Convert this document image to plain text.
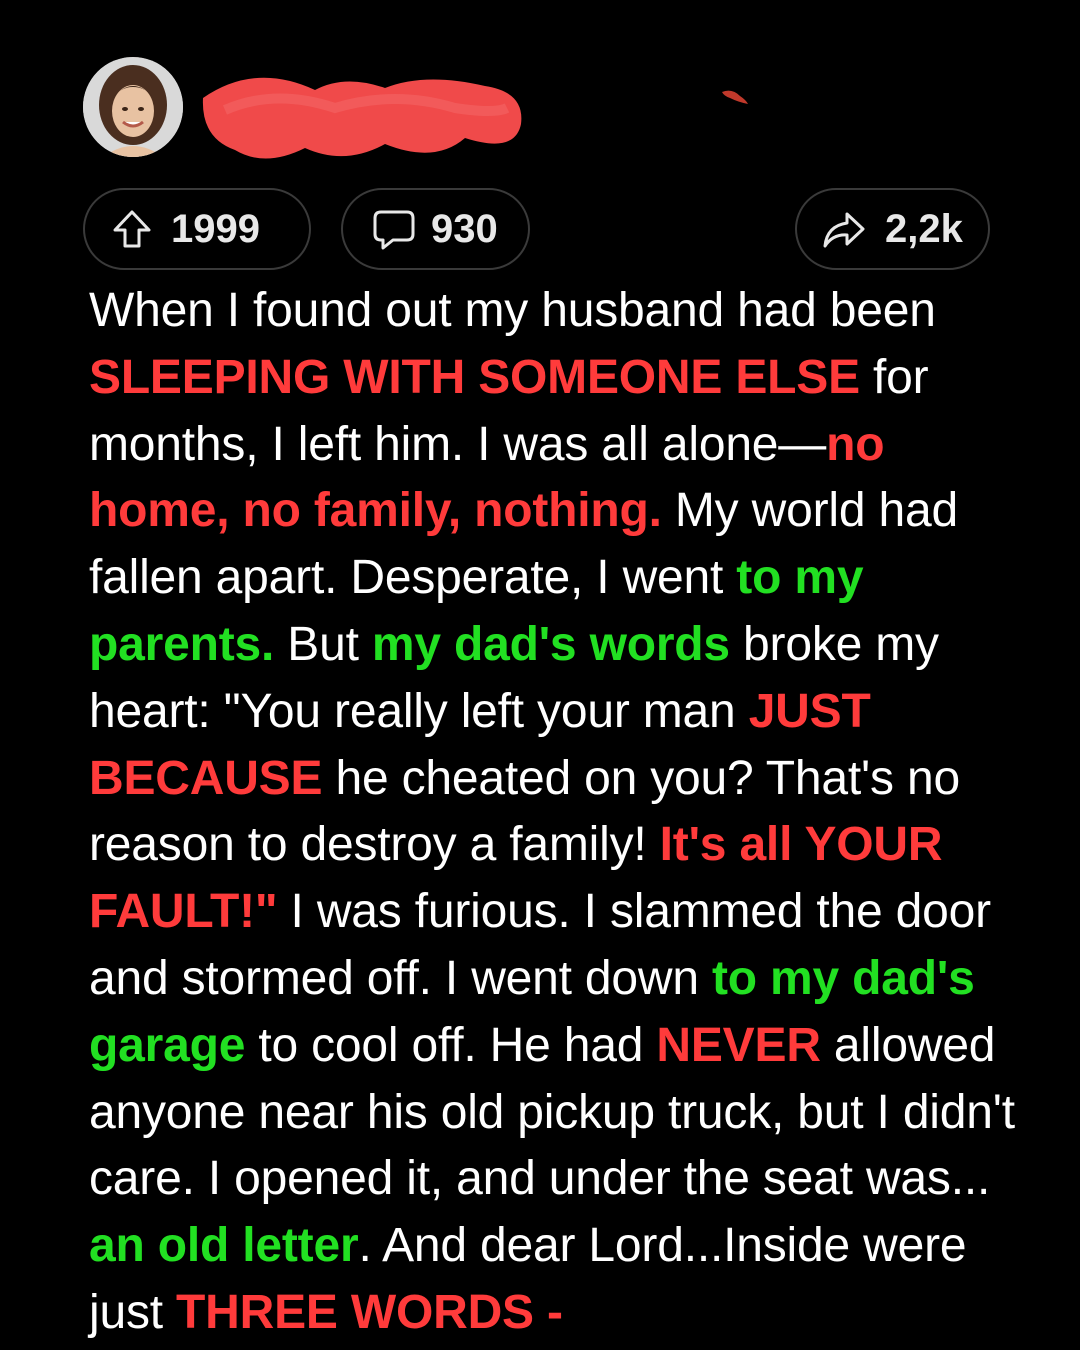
1999	930	2,2k

When I found out my husband had been SLEEPING WITH SOMEONE ELSE for months, I left him. I was all alone—no home, no family, nothing. My world had fallen apart. Desperate, I went to my parents. But my dad's words broke my heart: "You really left your man JUST BECAUSE he cheated on you? That's no reason to destroy a family! It's all YOUR FAULT!" I was furious. I slammed the door and stormed off. I went down to my dad's garage to cool off. He had NEVER allowed anyone near his old pickup truck, but I didn't care. I opened it, and under the seat was... an old letter. And dear Lord...Inside were just THREE WORDS -
